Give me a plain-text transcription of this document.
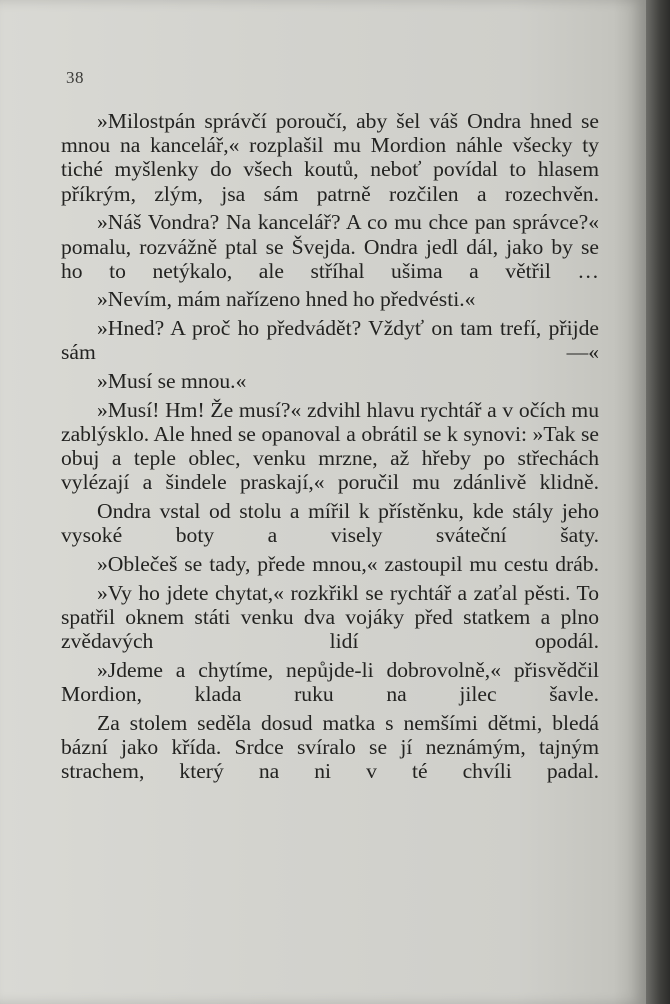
38

»Milostpán správčí poroučí, aby šel váš Ondra hned se mnou na kancelář,« rozplašil mu Mordion náhle všecky ty tiché myšlenky do všech koutů, neboť povídal to hlasem příkrým, zlým, jsa sám patrně rozčilen a rozechvěn.

»Náš Vondra? Na kancelář? A co mu chce pan správce?« pomalu, rozvážně ptal se Švejda. Ondra jedl dál, jako by se ho to netýkalo, ale stříhal ušima a větřil …

»Nevím, mám nařízeno hned ho předvésti.«

»Hned? A proč ho předvádět? Vždyť on tam trefí, přijde sám —«

»Musí se mnou.«

»Musí! Hm! Že musí?« zdvihl hlavu rychtář a v očích mu zablýsklo. Ale hned se opanoval a obrátil se k synovi: »Tak se obuj a teple oblec, venku mrzne, až hřeby po střechách vylézají a šindele praskají,« poručil mu zdánlivě klidně.

Ondra vstal od stolu a mířil k přístěnku, kde stály jeho vysoké boty a visely sváteční šaty.

»Oblečeš se tady, přede mnou,« zastoupil mu cestu dráb.

»Vy ho jdete chytat,« rozkřikl se rychtář a zaťal pěsti. To spatřil oknem státi venku dva vojáky před statkem a plno zvědavých lidí opodál.

»Jdeme a chytíme, nepůjde-li dobrovolně,« přisvědčil Mordion, klada ruku na jilec šavle.

Za stolem seděla dosud matka s nemšími dětmi, bledá bázní jako křída. Srdce svíralo se jí neznámým, tajným strachem, který na ni v té chvíli padal.
